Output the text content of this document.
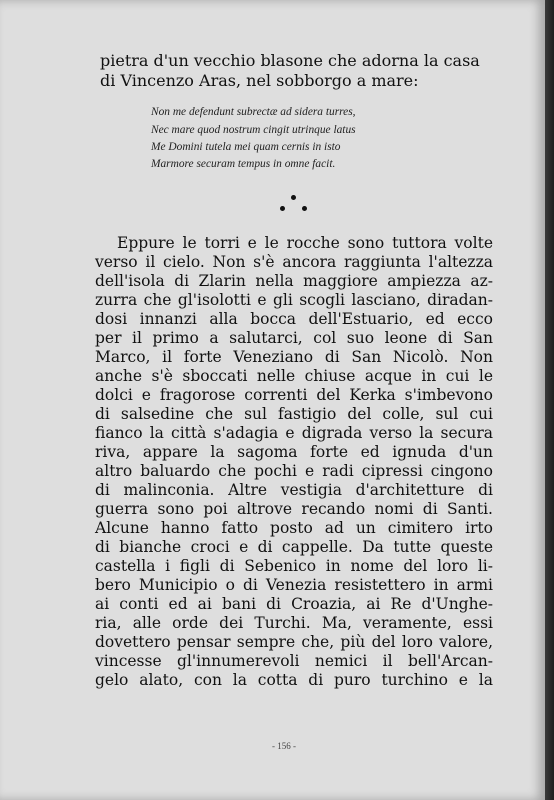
pietra d'un vecchio blasone che adorna la casa
di Vincenzo Aras, nel sobborgo a mare:
Non me defendunt subrectæ ad sidera turres,
Nec mare quod nostrum cingit utrinque latus
Me Domini tutela mei quam cernis in isto
Marmore securam tempus in omne facit.
Eppure le torri e le rocche sono tuttora volte
verso il cielo. Non s'è ancora raggiunta l'altezza
dell'isola di Zlarin nella maggiore ampiezza az-
zurra che gl'isolotti e gli scogli lasciano, diradan-
dosi innanzi alla bocca dell'Estuario, ed ecco
per il primo a salutarci, col suo leone di San
Marco, il forte Veneziano di San Nicolò. Non
anche s'è sboccati nelle chiuse acque in cui le
dolci e fragorose correnti del Kerka s'imbevono
di salsedine che sul fastigio del colle, sul cui
fianco la città s'adagia e digrada verso la secura
riva, appare la sagoma forte ed ignuda d'un
altro baluardo che pochi e radi cipressi cingono
di malinconia. Altre vestigia d'architetture di
guerra sono poi altrove recando nomi di Santi.
Alcune hanno fatto posto ad un cimitero irto
di bianche croci e di cappelle. Da tutte queste
castella i figli di Sebenico in nome del loro li-
bero Municipio o di Venezia resistettero in armi
ai conti ed ai bani di Croazia, ai Re d'Unghe-
ria, alle orde dei Turchi. Ma, veramente, essi
dovettero pensar sempre che, più del loro valore,
vincesse gl'innumerevoli nemici il bell'Arcan-
gelo alato, con la cotta di puro turchino e la
- 156 -
